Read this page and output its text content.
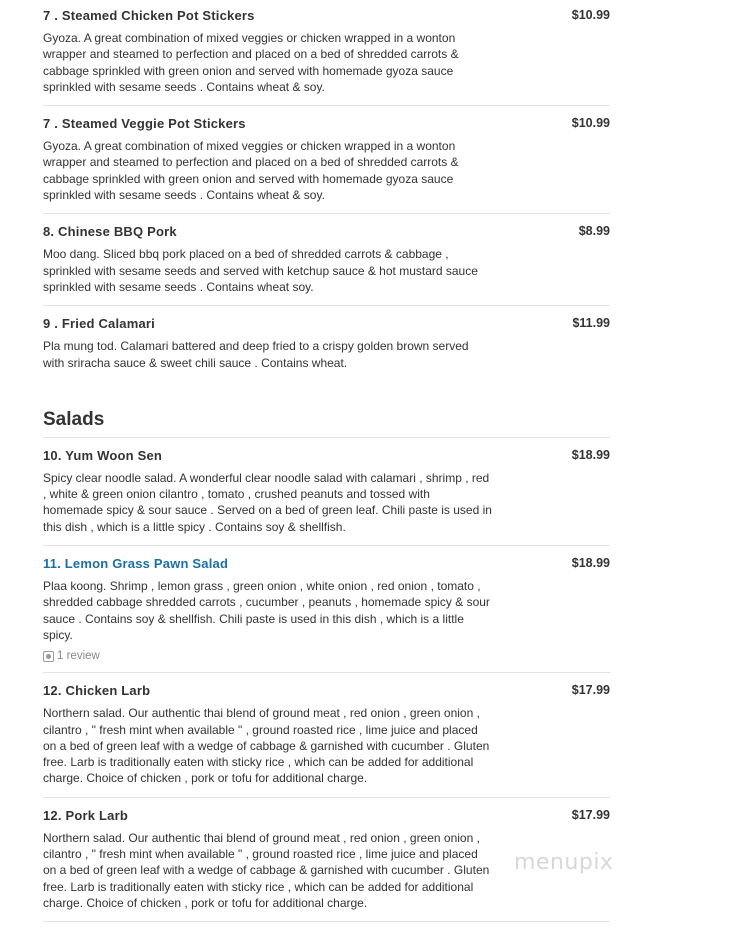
7 . Steamed Chicken Pot Stickers	$10.99
Gyoza. A great combination of mixed veggies or chicken wrapped in a wonton wrapper and steamed to perfection and placed on a bed of shredded carrots & cabbage sprinkled with green onion and served with homemade gyoza sauce sprinkled with sesame seeds . Contains wheat & soy.
7 . Steamed Veggie Pot Stickers	$10.99
Gyoza. A great combination of mixed veggies or chicken wrapped in a wonton wrapper and steamed to perfection and placed on a bed of shredded carrots & cabbage sprinkled with green onion and served with homemade gyoza sauce sprinkled with sesame seeds . Contains wheat & soy.
8. Chinese BBQ Pork	$8.99
Moo dang. Sliced bbq pork placed on a bed of shredded carrots & cabbage , sprinkled with sesame seeds and served with ketchup sauce & hot mustard sauce sprinkled with sesame seeds . Contains wheat soy.
9 . Fried Calamari	$11.99
Pla mung tod. Calamari battered and deep fried to a crispy golden brown served with sriracha sauce & sweet chili sauce . Contains wheat.
Salads
10. Yum Woon Sen	$18.99
Spicy clear noodle salad. A wonderful clear noodle salad with calamari , shrimp , red , white & green onion cilantro , tomato , crushed peanuts and tossed with homemade spicy & sour sauce . Served on a bed of green leaf. Chili paste is used in this dish , which is a little spicy . Contains soy & shellfish.
11. Lemon Grass Pawn Salad	$18.99
Plaa koong. Shrimp , lemon grass , green onion , white onion , red onion , tomato , shredded cabbage shredded carrots , cucumber , peanuts , homemade spicy & sour sauce . Contains soy & shellfish. Chili paste is used in this dish , which is a little spicy.
1 review
12. Chicken Larb	$17.99
Northern salad. Our authentic thai blend of ground meat , red onion , green onion , cilantro , " fresh mint when available " , ground roasted rice , lime juice and placed on a bed of green leaf with a wedge of cabbage & garnished with cucumber . Gluten free. Larb is traditionally eaten with sticky rice , which can be added for additional charge. Choice of chicken , pork or tofu for additional charge.
12. Pork Larb	$17.99
Northern salad. Our authentic thai blend of ground meat , red onion , green onion , cilantro , " fresh mint when available " , ground roasted rice , lime juice and placed on a bed of green leaf with a wedge of cabbage & garnished with cucumber . Gluten free. Larb is traditionally eaten with sticky rice , which can be added for additional charge. Choice of chicken , pork or tofu for additional charge.
menupix
